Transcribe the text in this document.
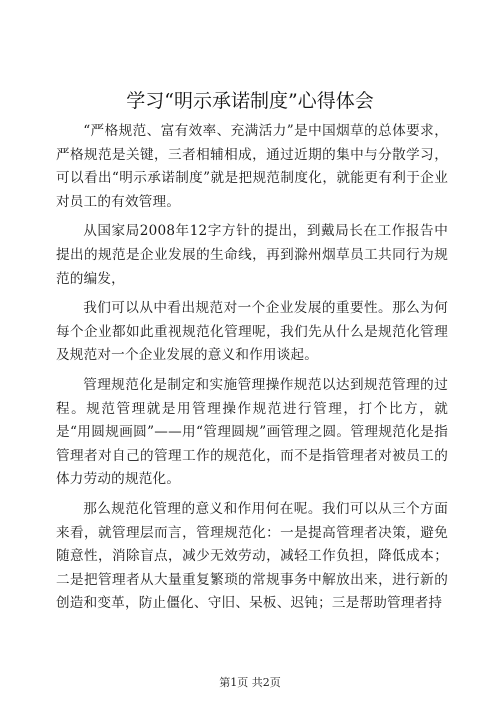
学习“明示承诺制度”心得体会

“严格规范、富有效率、充满活力”是中国烟草的总体要求，严格规范是关键，三者相辅相成，通过近期的集中与分散学习，可以看出“明示承诺制度”就是把规范制度化，就能更有利于企业对员工的有效管理。

从国家局2008年12字方针的提出，到戴局长在工作报告中提出的规范是企业发展的生命线，再到滁州烟草员工共同行为规范的编发，

我们可以从中看出规范对一个企业发展的重要性。那么为何每个企业都如此重视规范化管理呢，我们先从什么是规范化管理及规范对一个企业发展的意义和作用谈起。

管理规范化是制定和实施管理操作规范以达到规范管理的过程。规范管理就是用管理操作规范进行管理，打个比方，就是“用圆规画圆”——用“管理圆规”画管理之圆。管理规范化是指管理者对自己的管理工作的规范化，而不是指管理者对被员工的体力劳动的规范化。

那么规范化管理的意义和作用何在呢。我们可以从三个方面来看，就管理层而言，管理规范化：一是提高管理者决策，避免随意性，消除盲点，减少无效劳动，减轻工作负担，降低成本；二是把管理者从大量重复繁琐的常规事务中解放出来，进行新的创造和变革，防止僵化、守旧、呆板、迟钝；三是帮助管理者持

第1页 共2页
